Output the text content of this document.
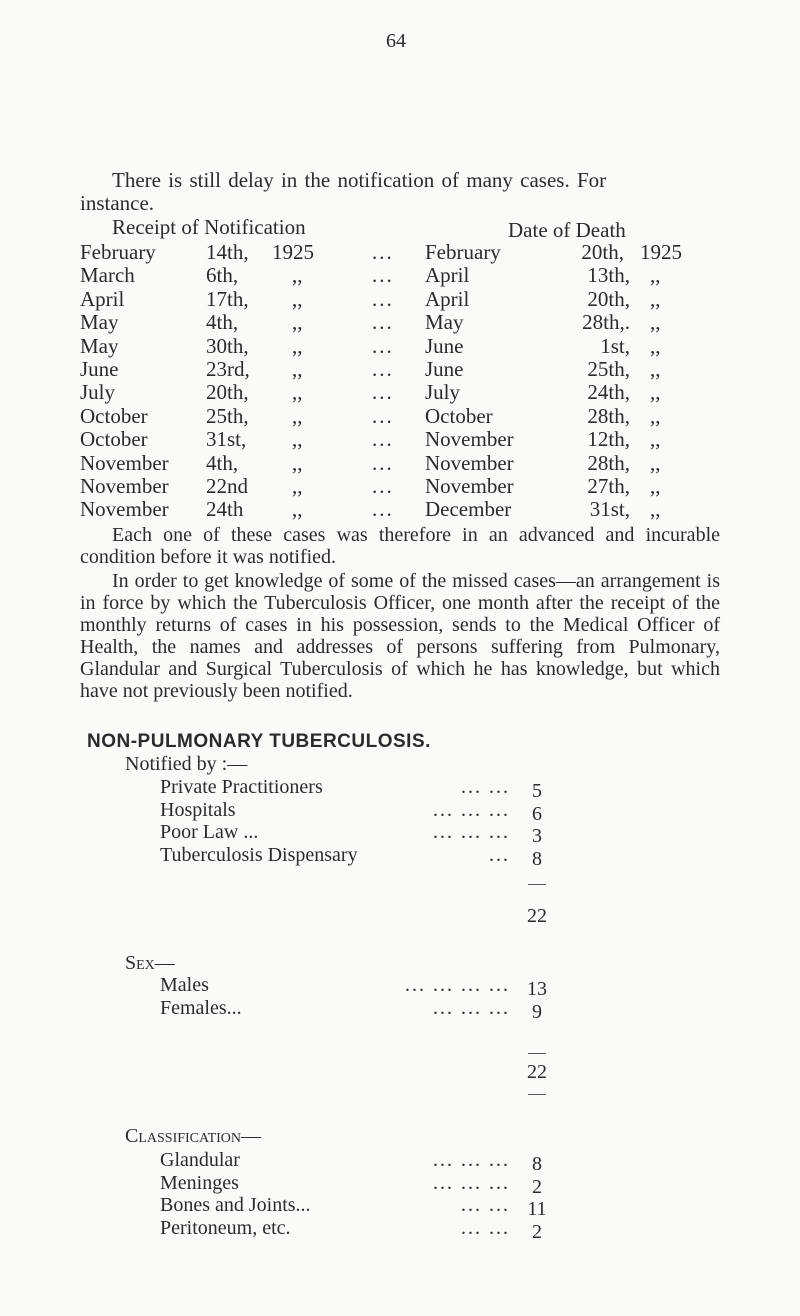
64
There is still delay in the notification of many cases. For
instance.
Receipt of Notification	Date of Death
February 14th, 1925	... February	20th, 1925
March	6th,	,,	... April	13th, ,,
April	17th, ,,	... April	20th, ,,
May	4th,	,,	... May	28th,. ,,
May	30th, ,,	... June	1st, ,,
June	23rd, ,,	... June	25th, ,,
July	20th, ,,	... July	24th, ,,
October	25th, ,,	... October	28th, ,,
October	31st, ,,	... November	12th, ,,
November 4th,	,,	... November	28th, ,,
November 22nd ,,	... November	27th, ,,
November 24th ,,	... December	31st, ,,
Each one of these cases was therefore in an advanced and incurable condition before it was notified.
In order to get knowledge of some of the missed cases—an arrangement is in force by which the Tuberculosis Officer, one month after the receipt of the monthly returns of cases in his possession, sends to the Medical Officer of Health, the names and addresses of persons suffering from Pulmonary, Glandular and Surgical Tuberculosis of which he has knowledge, but which have not previously been notified.
NON-PULMONARY TUBERCULOSIS.
Notified by :—
Private Practitioners	... ...	5
Hospitals	... ... ...	6
Poor Law ...	... ... ...	3
Tuberculosis Dispensary	...	8
22
Sex—
Males	... ... ... ... 13
Females...	... ... ...	9
22
Classification—
Glandular	... ... ...	8
Meninges	... ... ...	2
Bones and Joints...	... ... 11
Peritoneum, etc.	... ...	2
